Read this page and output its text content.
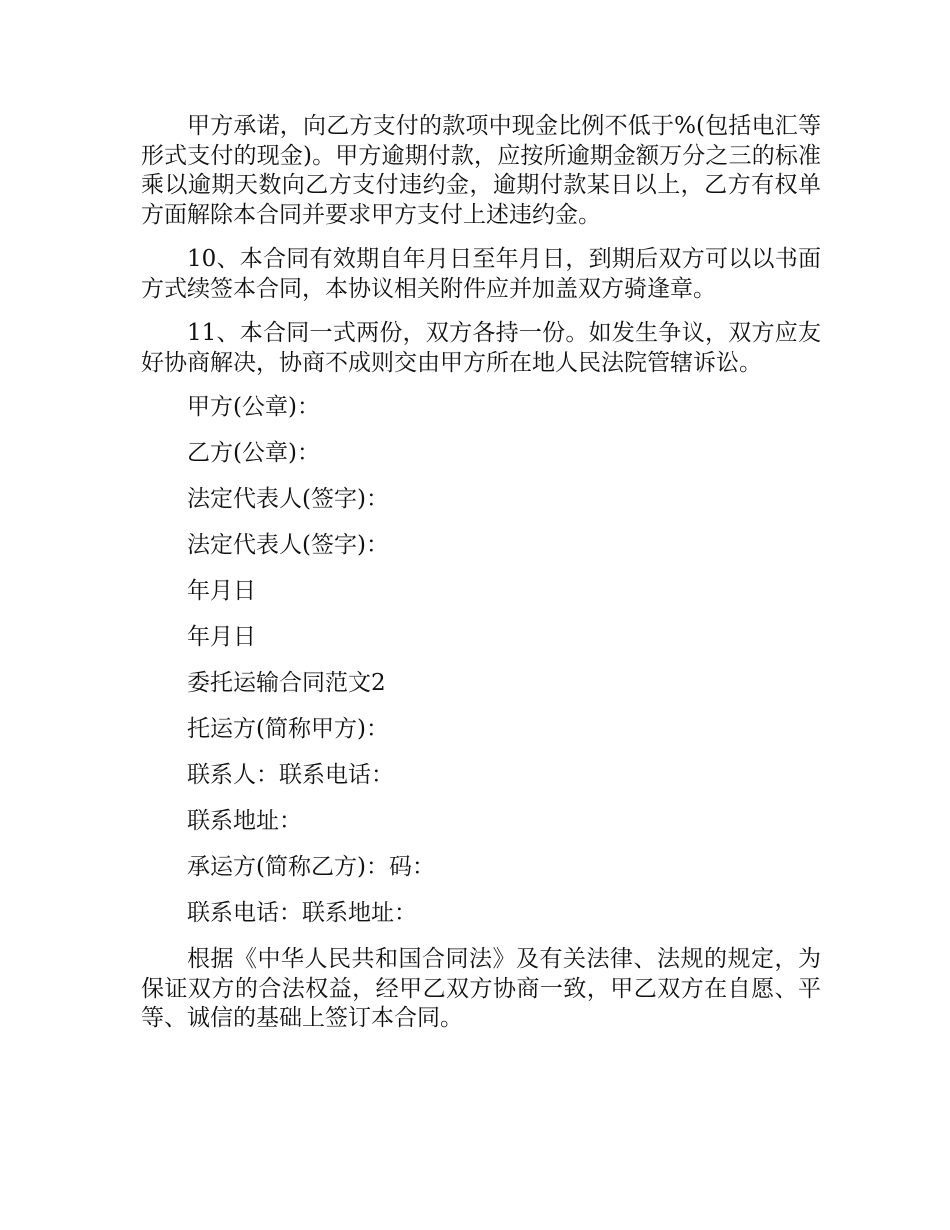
甲方承诺，向乙方支付的款项中现金比例不低于%(包括电汇等形式支付的现金)。甲方逾期付款，应按所逾期金额万分之三的标准乘以逾期天数向乙方支付违约金，逾期付款某日以上，乙方有权单方面解除本合同并要求甲方支付上述违约金。

10、本合同有效期自年月日至年月日，到期后双方可以以书面方式续签本合同，本协议相关附件应并加盖双方骑逢章。

11、本合同一式两份，双方各持一份。如发生争议，双方应友好协商解决，协商不成则交由甲方所在地人民法院管辖诉讼。

甲方(公章)：

乙方(公章)：

法定代表人(签字)：

法定代表人(签字)：

年月日

年月日

委托运输合同范文2

托运方(简称甲方)：

联系人：联系电话：

联系地址：

承运方(简称乙方)：码：

联系电话：联系地址：

根据《中华人民共和国合同法》及有关法律、法规的规定，为保证双方的合法权益，经甲乙双方协商一致，甲乙双方在自愿、平等、诚信的基础上签订本合同。
